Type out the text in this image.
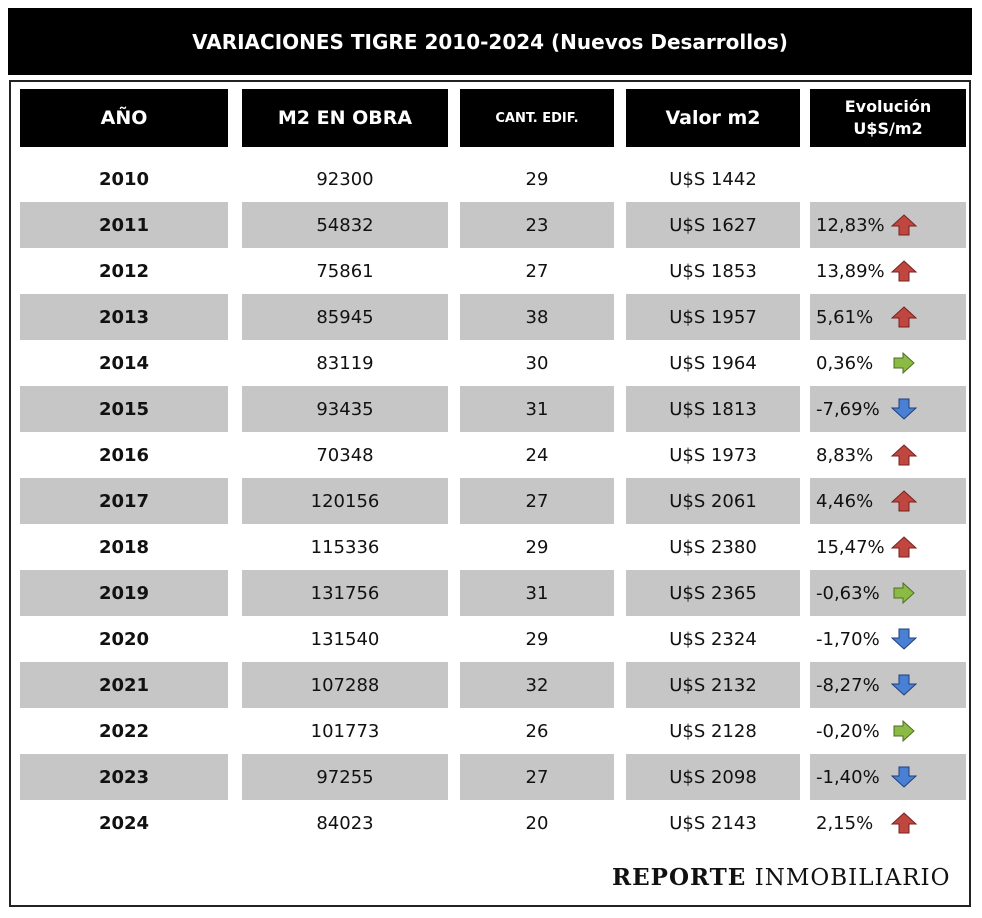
VARIACIONES TIGRE 2010-2024 (Nuevos Desarrollos)
AÑO	M2 EN OBRA	CANT. EDIF.	Valor m2	Evolución
U$S/m2
2010	92300	29	U$S 1442
2011	54832	23	U$S 1627	12,83%
2012	75861	27	U$S 1853	13,89%
2013	85945	38	U$S 1957	5,61%
2014	83119	30	U$S 1964	0,36%
2015	93435	31	U$S 1813	-7,69%
2016	70348	24	U$S 1973	8,83%
2017	120156	27	U$S 2061	4,46%
2018	115336	29	U$S 2380	15,47%
2019	131756	31	U$S 2365	-0,63%
2020	131540	29	U$S 2324	-1,70%
2021	107288	32	U$S 2132	-8,27%
2022	101773	26	U$S 2128	-0,20%
2023	97255	27	U$S 2098	-1,40%
2024	84023	20	U$S 2143	2,15%
REPORTE INMOBILIARIO
